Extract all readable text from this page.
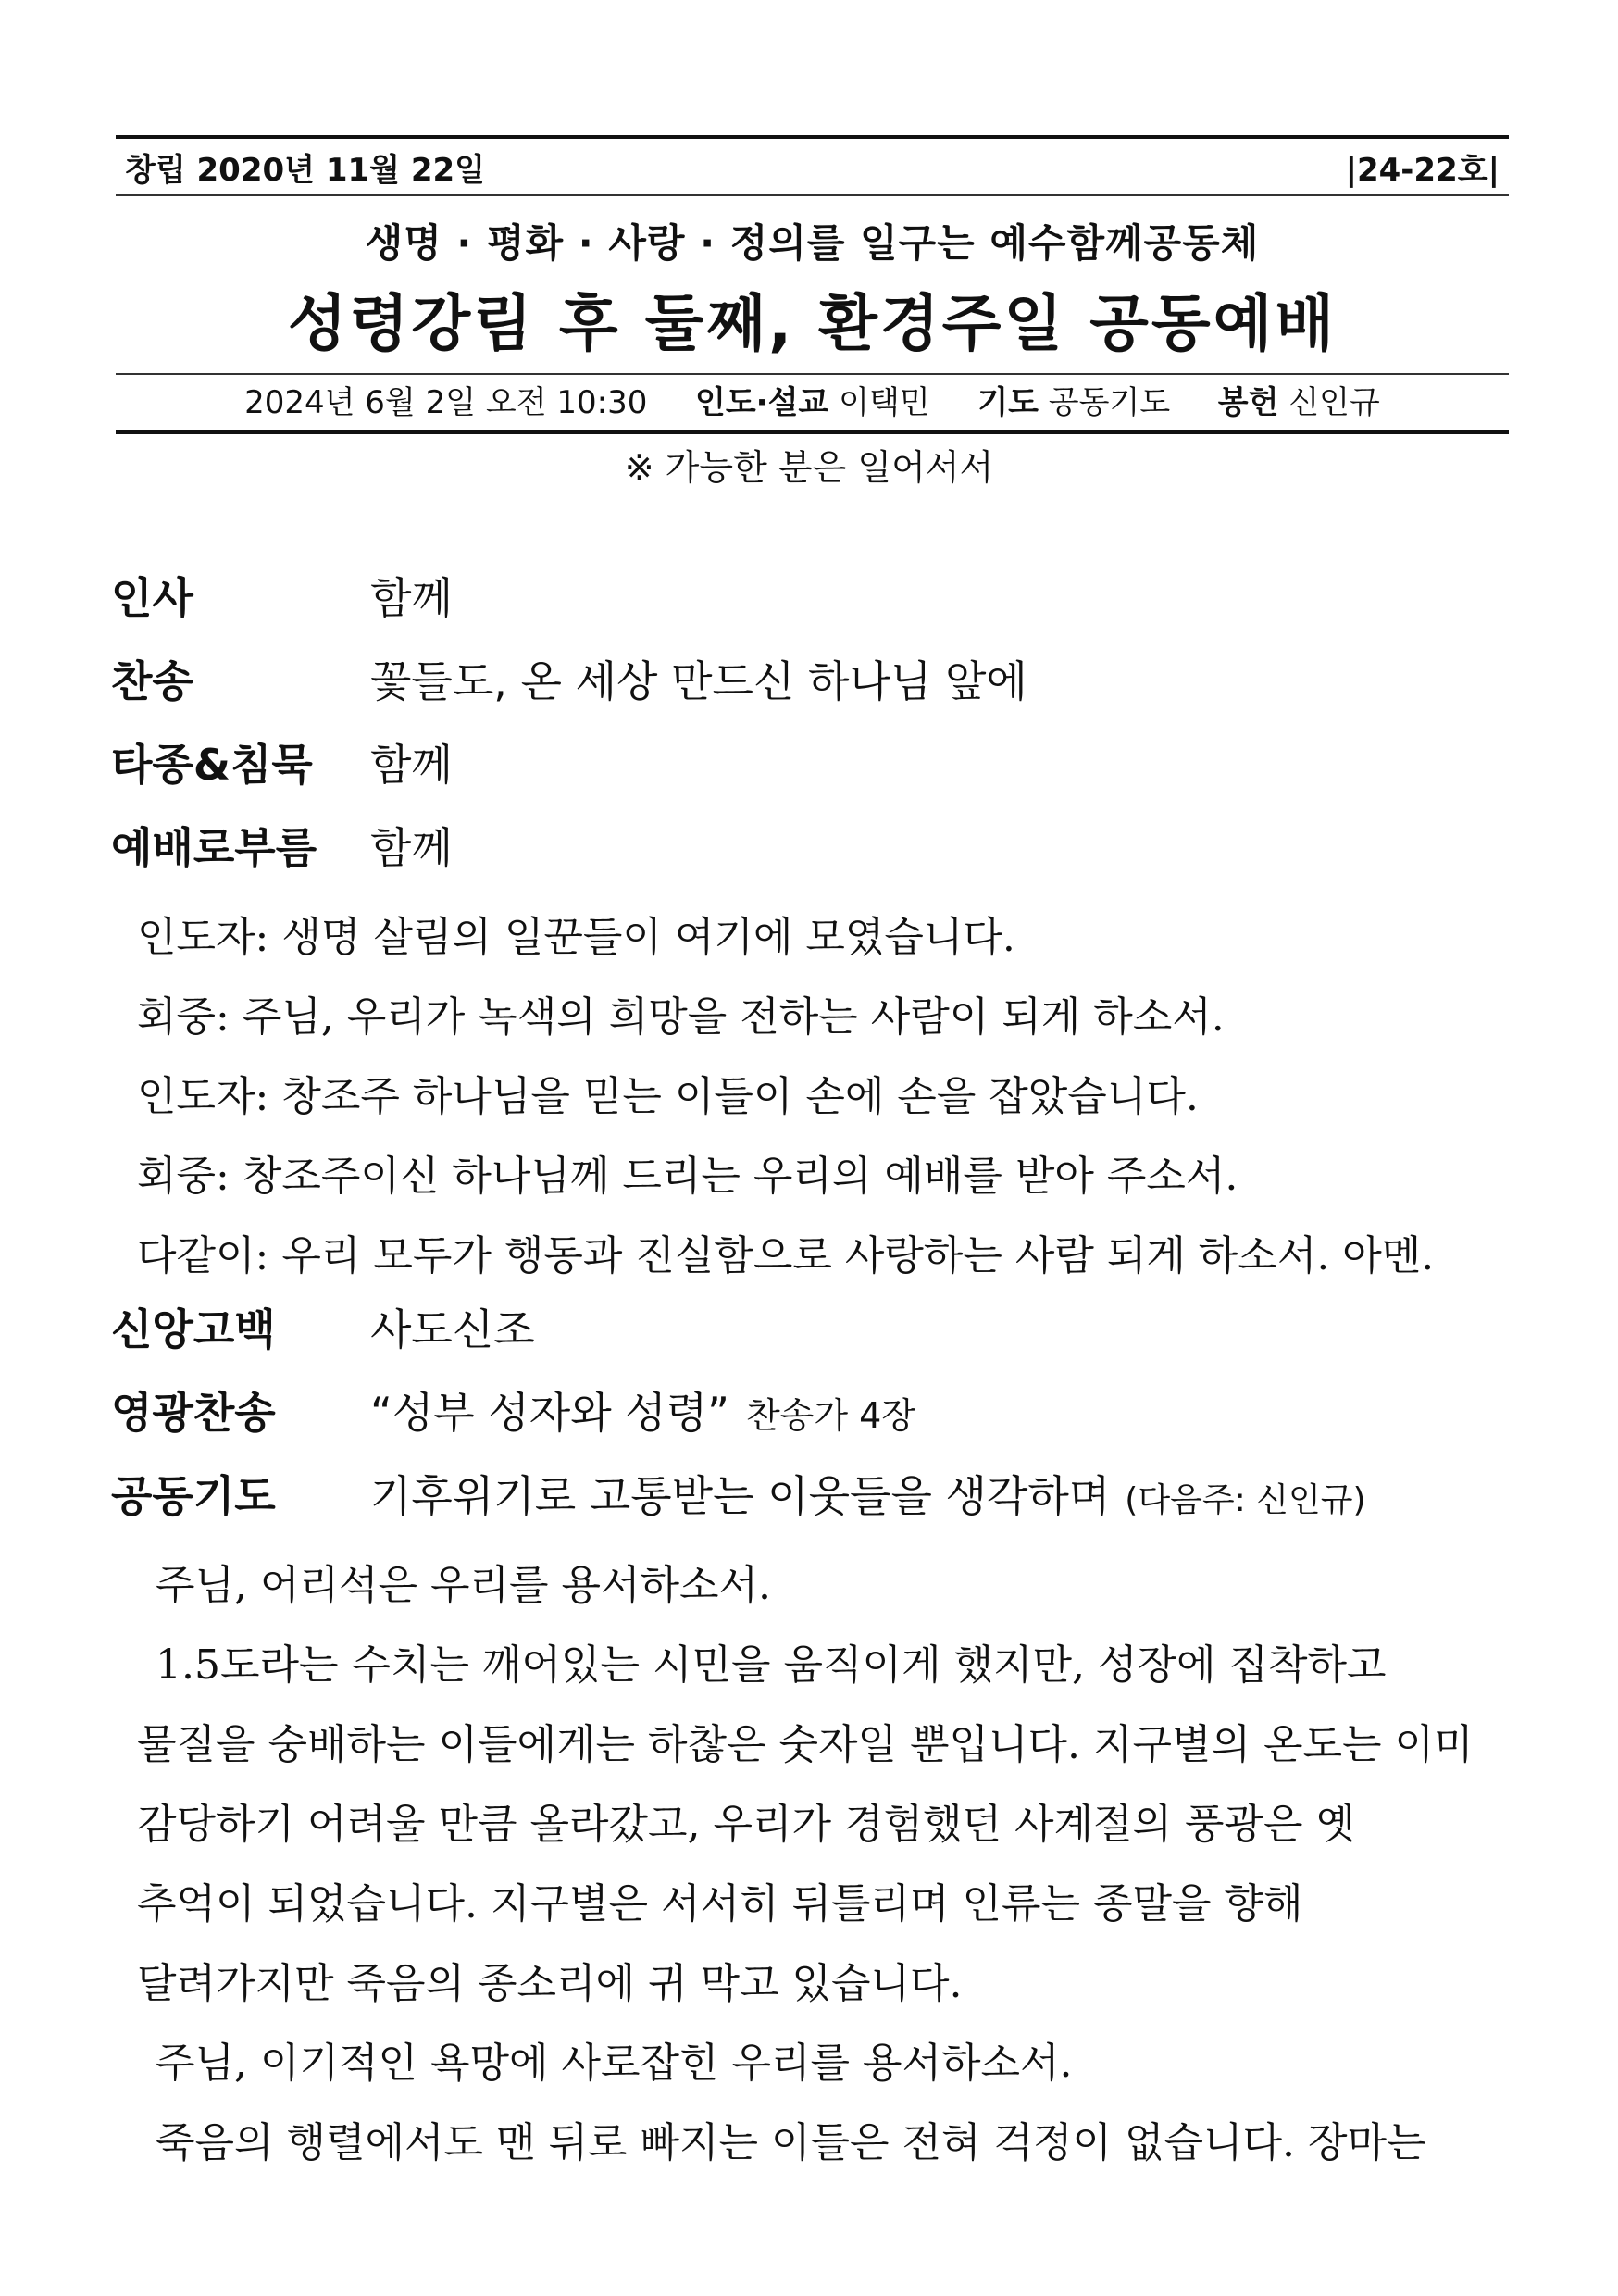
창립 2020년 11월 22일	|24-22호|
생명 · 평화 · 사랑 · 정의를 일구는 예수함께공동체
성령강림 후 둘째, 환경주일 공동예배
2024년 6월 2일 오전 10:30 인도·설교 이택민 기도 공동기도 봉헌 신인규
※ 가능한 분은 일어서서
인사	함께
찬송	꽃들도, 온 세상 만드신 하나님 앞에
타종&침묵	함께
예배로부름	함께
인도자: 생명 살림의 일꾼들이 여기에 모였습니다.
회중: 주님, 우리가 녹색의 희망을 전하는 사람이 되게 하소서.
인도자: 창조주 하나님을 믿는 이들이 손에 손을 잡았습니다.
회중: 창조주이신 하나님께 드리는 우리의 예배를 받아 주소서.
다같이: 우리 모두가 행동과 진실함으로 사랑하는 사람 되게 하소서. 아멘.
신앙고백	사도신조
영광찬송	“성부 성자와 성령” 찬송가 4장
공동기도	기후위기로 고통받는 이웃들을 생각하며 (다음주: 신인규)
주님, 어리석은 우리를 용서하소서.
1.5도라는 수치는 깨어있는 시민을 움직이게 했지만, 성장에 집착하고
물질을 숭배하는 이들에게는 하찮은 숫자일 뿐입니다. 지구별의 온도는 이미
감당하기 어려울 만큼 올라갔고, 우리가 경험했던 사계절의 풍광은 옛
추억이 되었습니다. 지구별은 서서히 뒤틀리며 인류는 종말을 향해
달려가지만 죽음의 종소리에 귀 막고 있습니다.
주님, 이기적인 욕망에 사로잡힌 우리를 용서하소서.
죽음의 행렬에서도 맨 뒤로 빠지는 이들은 전혀 걱정이 없습니다. 장마는
